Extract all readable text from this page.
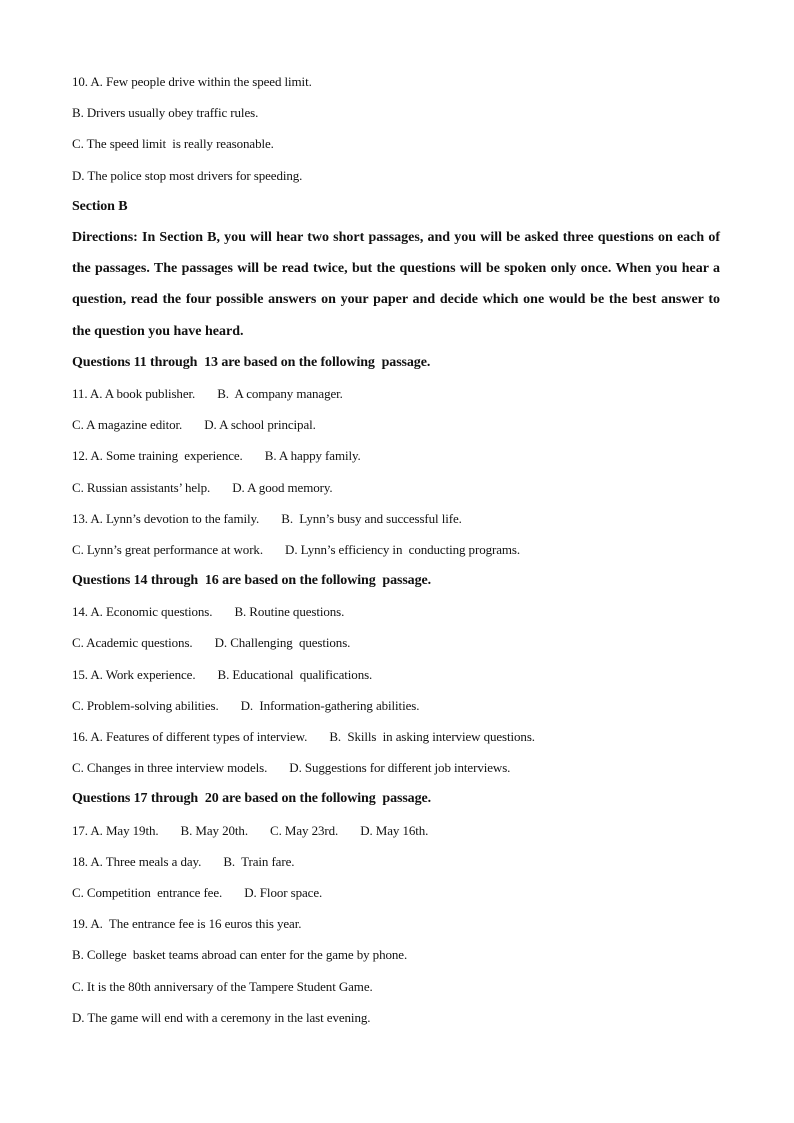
10. A. Few people drive within the speed limit.
B. Drivers usually obey traffic rules.
C. The speed limit  is really reasonable.
D. The police stop most drivers for speeding.
Section B
Directions: In Section B, you will hear two short passages, and you will be asked three questions on each of the passages. The passages will be read twice, but the questions will be spoken only once. When you hear a question, read the four possible answers on your paper and decide which one would be the best answer to the question you have heard.
Questions 11 through  13 are based on the following  passage.
11. A. A book publisher.       B.  A company manager.
C. A magazine editor.       D. A school principal.
12. A. Some training  experience.       B. A happy family.
C. Russian assistants’ help.       D. A good memory.
13. A. Lynn’s devotion to the family.       B.  Lynn’s busy and successful life.
C. Lynn’s great performance at work.       D. Lynn’s efficiency in  conducting programs.
Questions 14 through  16 are based on the following  passage.
14. A. Economic questions.       B. Routine questions.
C. Academic questions.       D. Challenging  questions.
15. A. Work experience.       B. Educational  qualifications.
C. Problem-solving abilities.       D.  Information-gathering abilities.
16. A. Features of different types of interview.       B.  Skills  in asking interview questions.
C. Changes in three interview models.       D. Suggestions for different job interviews.
Questions 17 through  20 are based on the following  passage.
17. A. May 19th.       B. May 20th.       C. May 23rd.       D. May 16th.
18. A. Three meals a day.       B.  Train fare.
C. Competition  entrance fee.       D. Floor space.
19. A.  The entrance fee is 16 euros this year.
B. College  basket teams abroad can enter for the game by phone.
C. It is the 80th anniversary of the Tampere Student Game.
D. The game will end with a ceremony in the last evening.
